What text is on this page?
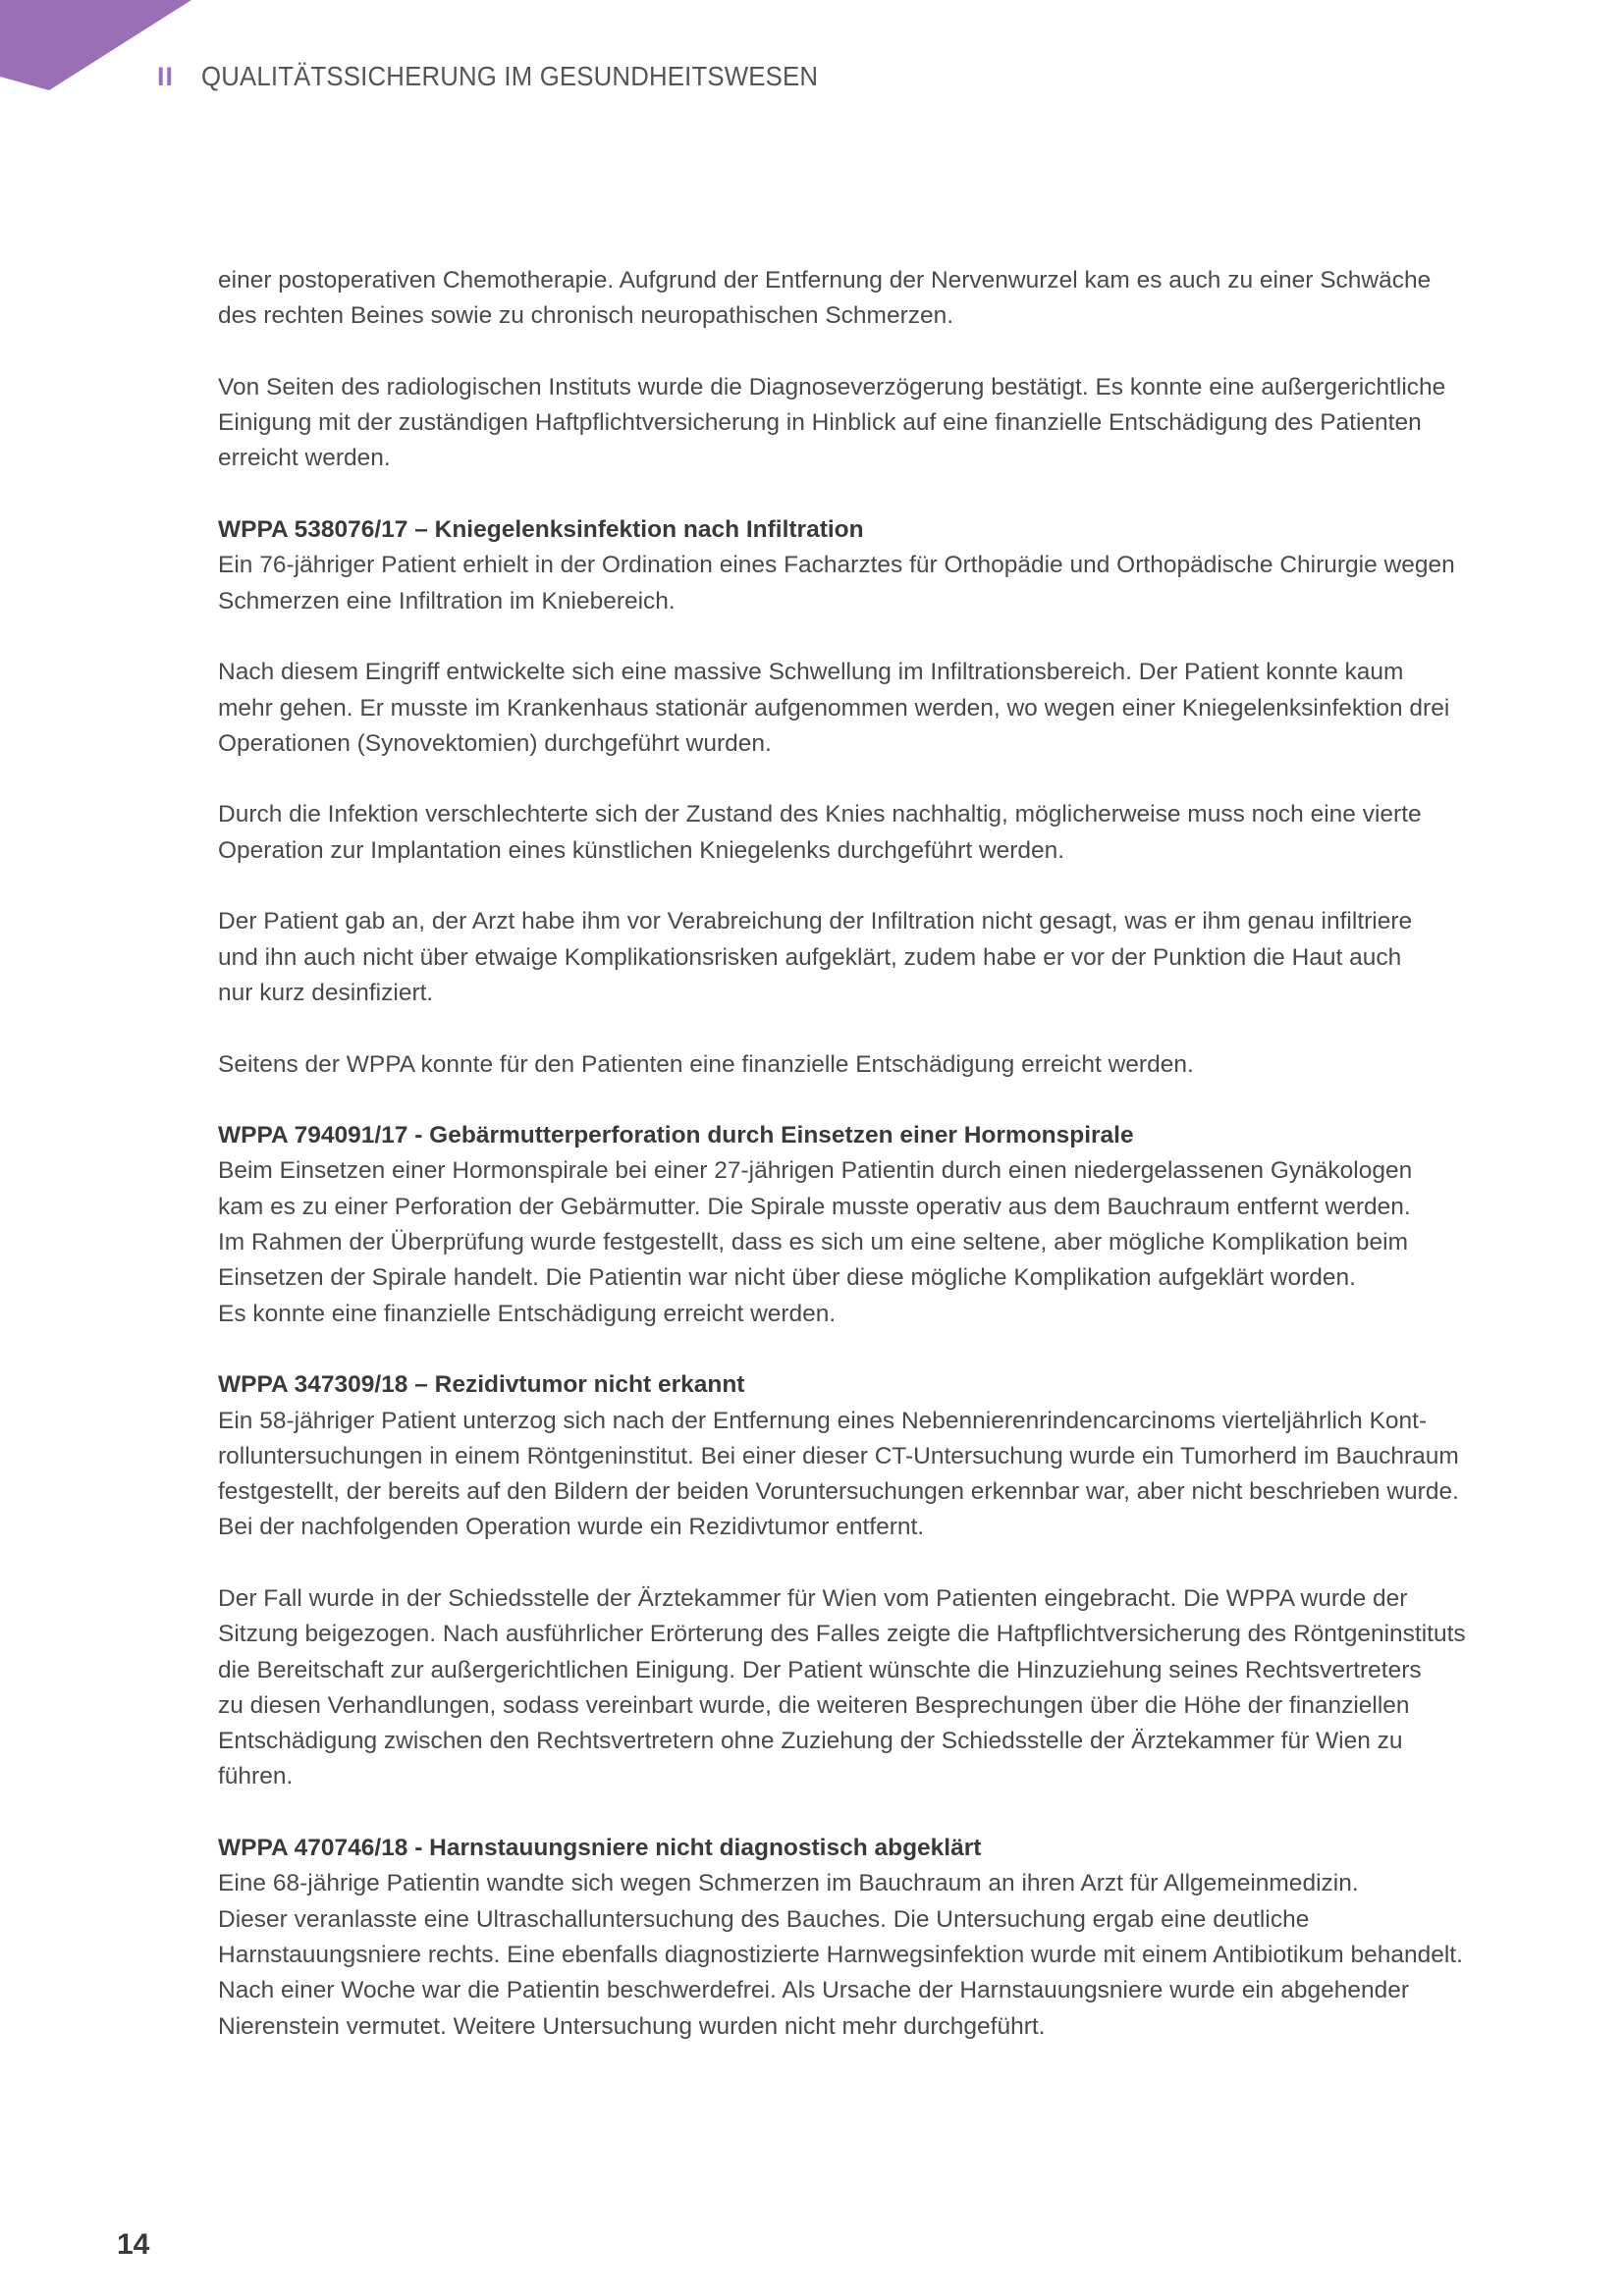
II QUALITÄTSSICHERUNG IM GESUNDHEITSWESEN

einer postoperativen Chemotherapie. Aufgrund der Entfernung der Nervenwurzel kam es auch zu einer Schwäche
des rechten Beines sowie zu chronisch neuropathischen Schmerzen.

Von Seiten des radiologischen Instituts wurde die Diagnoseverzögerung bestätigt. Es konnte eine außergerichtliche
Einigung mit der zuständigen Haftpflichtversicherung in Hinblick auf eine finanzielle Entschädigung des Patienten
erreicht werden.

WPPA 538076/17 – Kniegelenksinfektion nach Infiltration

Ein 76-jähriger Patient erhielt in der Ordination eines Facharztes für Orthopädie und Orthopädische Chirurgie wegen
Schmerzen eine Infiltration im Kniebereich.

Nach diesem Eingriff entwickelte sich eine massive Schwellung im Infiltrationsbereich. Der Patient konnte kaum
mehr gehen. Er musste im Krankenhaus stationär aufgenommen werden, wo wegen einer Kniegelenksinfektion drei
Operationen (Synovektomien) durchgeführt wurden.

Durch die Infektion verschlechterte sich der Zustand des Knies nachhaltig, möglicherweise muss noch eine vierte
Operation zur Implantation eines künstlichen Kniegelenks durchgeführt werden.

Der Patient gab an, der Arzt habe ihm vor Verabreichung der Infiltration nicht gesagt, was er ihm genau infiltriere
und ihn auch nicht über etwaige Komplikationsrisken aufgeklärt, zudem habe er vor der Punktion die Haut auch
nur kurz desinfiziert.

Seitens der WPPA konnte für den Patienten eine finanzielle Entschädigung erreicht werden.

WPPA 794091/17 - Gebärmutterperforation durch Einsetzen einer Hormonspirale

Beim Einsetzen einer Hormonspirale bei einer 27-jährigen Patientin durch einen niedergelassenen Gynäkologen
kam es zu einer Perforation der Gebärmutter. Die Spirale musste operativ aus dem Bauchraum entfernt werden.
Im Rahmen der Überprüfung wurde festgestellt, dass es sich um eine seltene, aber mögliche Komplikation beim
Einsetzen der Spirale handelt. Die Patientin war nicht über diese mögliche Komplikation aufgeklärt worden.
Es konnte eine finanzielle Entschädigung erreicht werden.

WPPA 347309/18 – Rezidivtumor nicht erkannt

Ein 58-jähriger Patient unterzog sich nach der Entfernung eines Nebennierenrindencarcinoms vierteljährlich Kont-
rolluntersuchungen in einem Röntgeninstitut. Bei einer dieser CT-Untersuchung wurde ein Tumorherd im Bauchraum
festgestellt, der bereits auf den Bildern der beiden Voruntersuchungen erkennbar war, aber nicht beschrieben wurde.
Bei der nachfolgenden Operation wurde ein Rezidivtumor entfernt.

Der Fall wurde in der Schiedsstelle der Ärztekammer für Wien vom Patienten eingebracht. Die WPPA wurde der
Sitzung beigezogen. Nach ausführlicher Erörterung des Falles zeigte die Haftpflichtversicherung des Röntgeninstituts
die Bereitschaft zur außergerichtlichen Einigung. Der Patient wünschte die Hinzuziehung seines Rechtsvertreters
zu diesen Verhandlungen, sodass vereinbart wurde, die weiteren Besprechungen über die Höhe der finanziellen
Entschädigung zwischen den Rechtsvertretern ohne Zuziehung der Schiedsstelle der Ärztekammer für Wien zu
führen.

WPPA 470746/18 - Harnstauungsniere nicht diagnostisch abgeklärt

Eine 68-jährige Patientin wandte sich wegen Schmerzen im Bauchraum an ihren Arzt für Allgemeinmedizin.
Dieser veranlasste eine Ultraschalluntersuchung des Bauches. Die Untersuchung ergab eine deutliche
Harnstauungsniere rechts. Eine ebenfalls diagnostizierte Harnwegsinfektion wurde mit einem Antibiotikum behandelt.
Nach einer Woche war die Patientin beschwerdefrei. Als Ursache der Harnstauungsniere wurde ein abgehender
Nierenstein vermutet. Weitere Untersuchung wurden nicht mehr durchgeführt.

14
